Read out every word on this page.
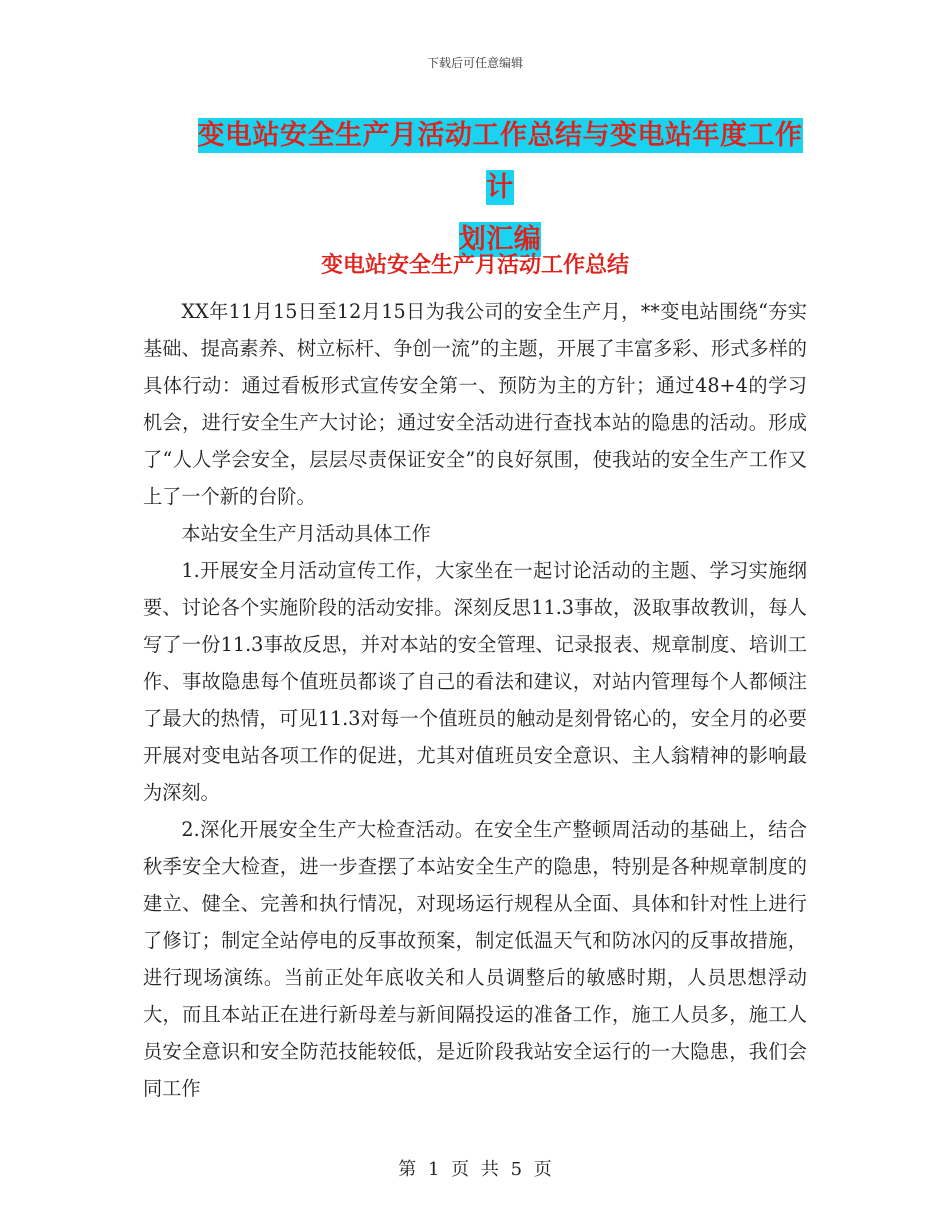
下载后可任意编辑
变电站安全生产月活动工作总结与变电站年度工作计
划汇编
变电站安全生产月活动工作总结

XX年11月15日至12月15日为我公司的安全生产月，**变电站围绕“夯实基础、提高素养、树立标杆、争创一流”的主题，开展了丰富多彩、形式多样的具体行动：通过看板形式宣传安全第一、预防为主的方针；通过48+4的学习机会，进行安全生产大讨论；通过安全活动进行查找本站的隐患的活动。形成了“人人学会安全，层层尽责保证安全”的良好氛围，使我站的安全生产工作又上了一个新的台阶。

本站安全生产月活动具体工作

1.开展安全月活动宣传工作，大家坐在一起讨论活动的主题、学习实施纲要、讨论各个实施阶段的活动安排。深刻反思11.3事故，汲取事故教训，每人写了一份11.3事故反思，并对本站的安全管理、记录报表、规章制度、培训工作、事故隐患每个值班员都谈了自己的看法和建议，对站内管理每个人都倾注了最大的热情，可见11.3对每一个值班员的触动是刻骨铭心的，安全月的必要开展对变电站各项工作的促进，尤其对值班员安全意识、主人翁精神的影响最为深刻。

2.深化开展安全生产大检查活动。在安全生产整顿周活动的基础上，结合秋季安全大检查，进一步查摆了本站安全生产的隐患，特别是各种规章制度的建立、健全、完善和执行情况，对现场运行规程从全面、具体和针对性上进行了修订；制定全站停电的反事故预案，制定低温天气和防冰闪的反事故措施，进行现场演练。当前正处年底收关和人员调整后的敏感时期，人员思想浮动大，而且本站正在进行新母差与新间隔投运的准备工作，施工人员多，施工人员安全意识和安全防范技能较低，是近阶段我站安全运行的一大隐患，我们会同工作

第 1 页 共 5 页
